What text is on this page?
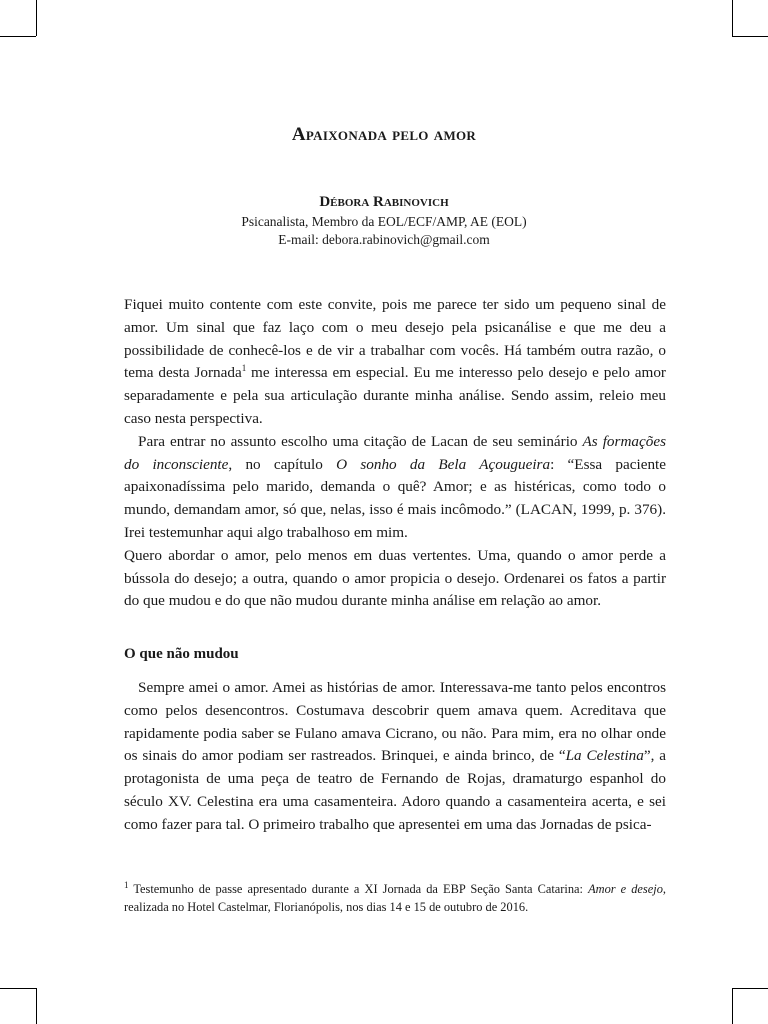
Apaixonada pelo amor
Débora Rabinovich
Psicanalista, Membro da EOL/ECF/AMP, AE (EOL)
E-mail: debora.rabinovich@gmail.com

Fiquei muito contente com este convite, pois me parece ter sido um pequeno sinal de amor. Um sinal que faz laço com o meu desejo pela psicanálise e que me deu a possibilidade de conhecê-los e de vir a trabalhar com vocês. Há também outra razão, o tema desta Jornada$^1$ me interessa em especial. Eu me interesso pelo desejo e pelo amor separadamente e pela sua articulação durante minha análise. Sendo assim, releio meu caso nesta perspectiva.

Para entrar no assunto escolho uma citação de Lacan de seu seminário As formações do inconsciente, no capítulo O sonho da Bela Açougueira: “Essa paciente apaixonadíssima pelo marido, demanda o quê? Amor; e as histéricas, como todo o mundo, demandam amor, só que, nelas, isso é mais incômodo.” (LACAN, 1999, p. 376). Irei testemunhar aqui algo trabalhoso em mim.

Quero abordar o amor, pelo menos em duas vertentes. Uma, quando o amor perde a bússola do desejo; a outra, quando o amor propicia o desejo. Ordenarei os fatos a partir do que mudou e do que não mudou durante minha análise em relação ao amor.

O que não mudou

Sempre amei o amor. Amei as histórias de amor. Interessava-me tanto pelos encontros como pelos desencontros. Costumava descobrir quem amava quem. Acreditava que rapidamente podia saber se Fulano amava Cicrano, ou não. Para mim, era no olhar onde os sinais do amor podiam ser rastreados. Brinquei, e ainda brinco, de “La Celestina”, a protagonista de uma peça de teatro de Fernando de Rojas, dramaturgo espanhol do século XV. Celestina era uma casamenteira. Adoro quando a casamenteira acerta, e sei como fazer para tal. O primeiro trabalho que apresentei em uma das Jornadas de psica-

$^1$ Testemunho de passe apresentado durante a XI Jornada da EBP Seção Santa Catarina: Amor e desejo, realizada no Hotel Castelmar, Florianópolis, nos dias 14 e 15 de outubro de 2016.
